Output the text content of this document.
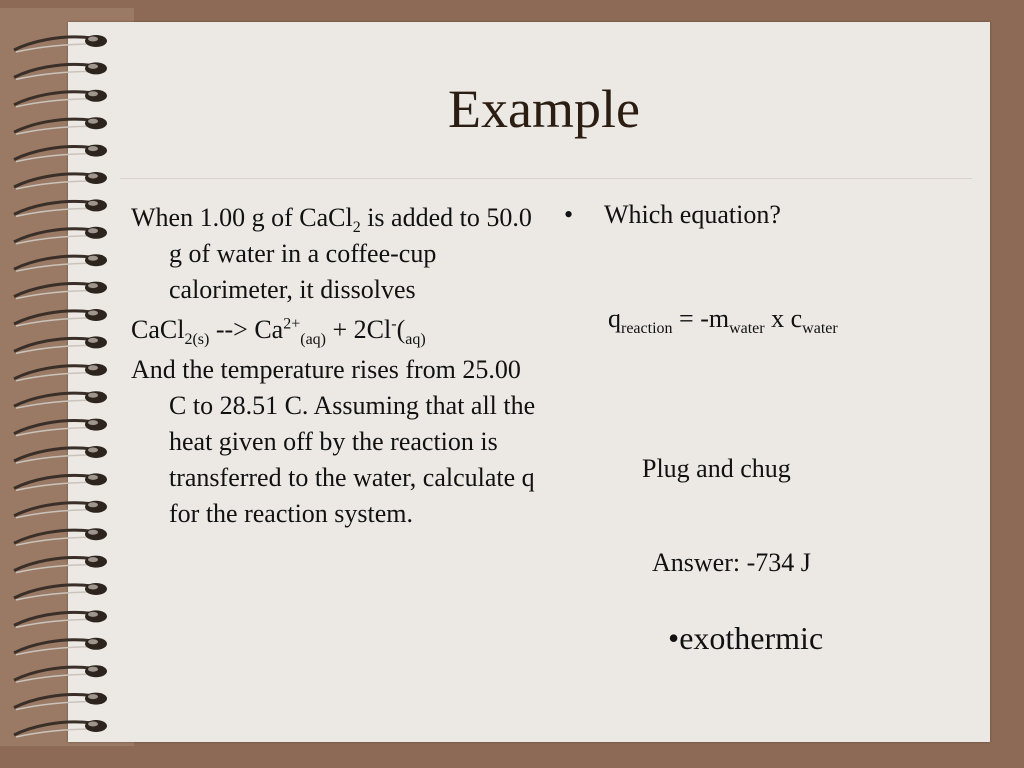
Example

When 1.00 g of CaCl$_2$ is added to 50.0 g of water in a coffee-cup calorimeter, it dissolves

CaCl$_{2(s)}$ --> $Ca^{2+}_{(aq)} + 2Cl^-(_{aq)}$

And the temperature rises from 25.00 C to 28.51 C. Assuming that all the heat given off by the reaction is transferred to the water, calculate q for the reaction system.

• Which equation?
$q_{reaction} = -m_{water}$ x $c_{water}$
Plug and chug
Answer: -734 J
•exothermic
